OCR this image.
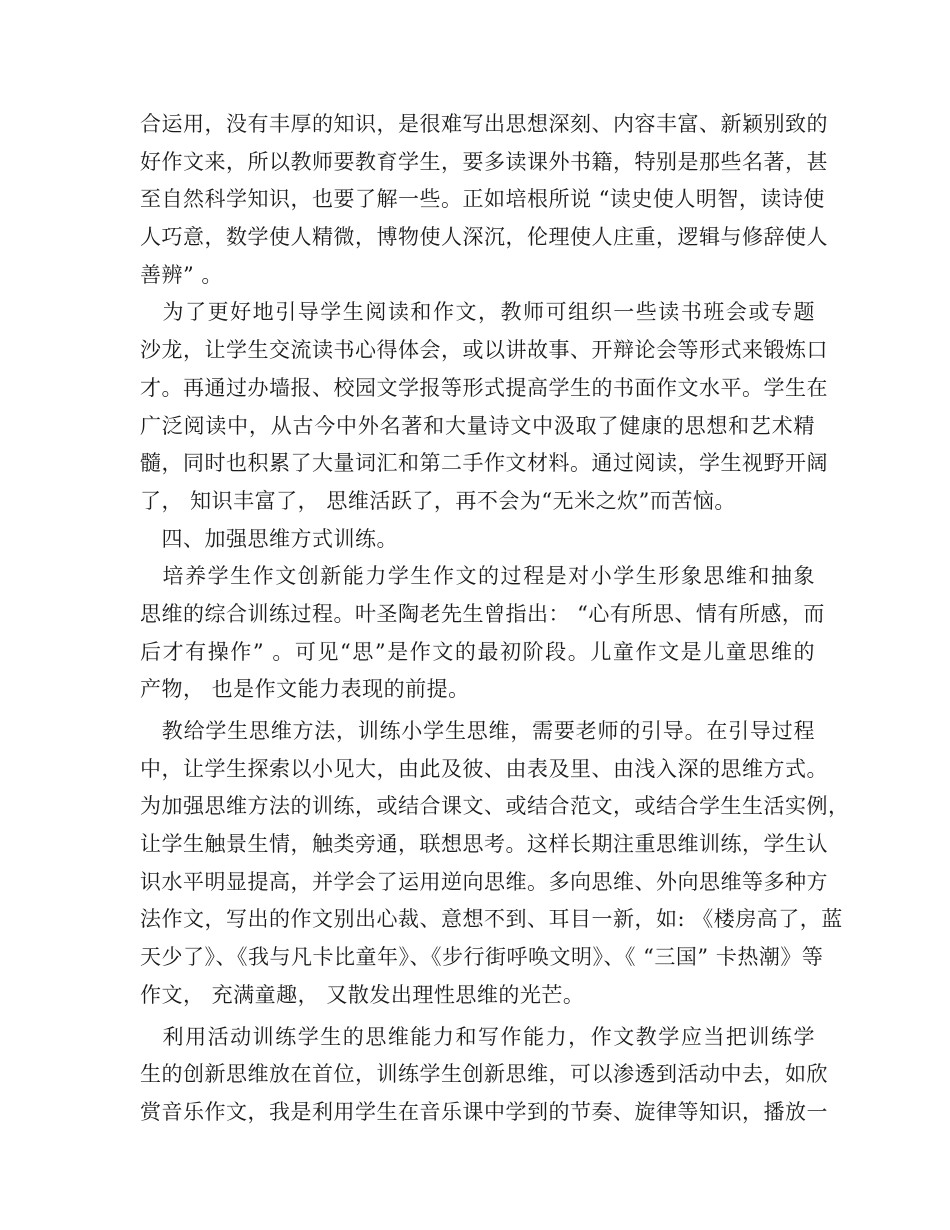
合运用，没有丰厚的知识，是很难写出思想深刻、内容丰富、新颖别致的
好作文来，所以教师要教育学生，要多读课外书籍，特别是那些名著，甚
至自然科学知识，也要了解一些。正如培根所说 “读史使人明智，读诗使
人巧意，数学使人精微，博物使人深沉，伦理使人庄重，逻辑与修辞使人
善辨” 。
　为了更好地引导学生阅读和作文，教师可组织一些读书班会或专题
沙龙，让学生交流读书心得体会，或以讲故事、开辩论会等形式来锻炼口
才。再通过办墙报、校园文学报等形式提高学生的书面作文水平。学生在
广泛阅读中，从古今中外名著和大量诗文中汲取了健康的思想和艺术精
髓，同时也积累了大量词汇和第二手作文材料。通过阅读，学生视野开阔
了， 知识丰富了， 思维活跃了，再不会为“无米之炊”而苦恼。
　四、加强思维方式训练。
　培养学生作文创新能力学生作文的过程是对小学生形象思维和抽象
思维的综合训练过程。叶圣陶老先生曾指出： “心有所思、情有所感，而
后才有操作” 。可见“思”是作文的最初阶段。儿童作文是儿童思维的
产物， 也是作文能力表现的前提。
　教给学生思维方法，训练小学生思维，需要老师的引导。在引导过程
中，让学生探索以小见大，由此及彼、由表及里、由浅入深的思维方式。
为加强思维方法的训练，或结合课文、或结合范文，或结合学生生活实例，
让学生触景生情，触类旁通，联想思考。这样长期注重思维训练，学生认
识水平明显提高，并学会了运用逆向思维。多向思维、外向思维等多种方
法作文，写出的作文别出心裁、意想不到、耳目一新，如: 《楼房高了，蓝
天少了》、《我与凡卡比童年》、《步行街呼唤文明》、《 “三国” 卡热潮》等
作文， 充满童趣， 又散发出理性思维的光芒。
　利用活动训练学生的思维能力和写作能力，作文教学应当把训练学
生的创新思维放在首位，训练学生创新思维，可以渗透到活动中去，如欣
赏音乐作文，我是利用学生在音乐课中学到的节奏、旋律等知识，播放一
